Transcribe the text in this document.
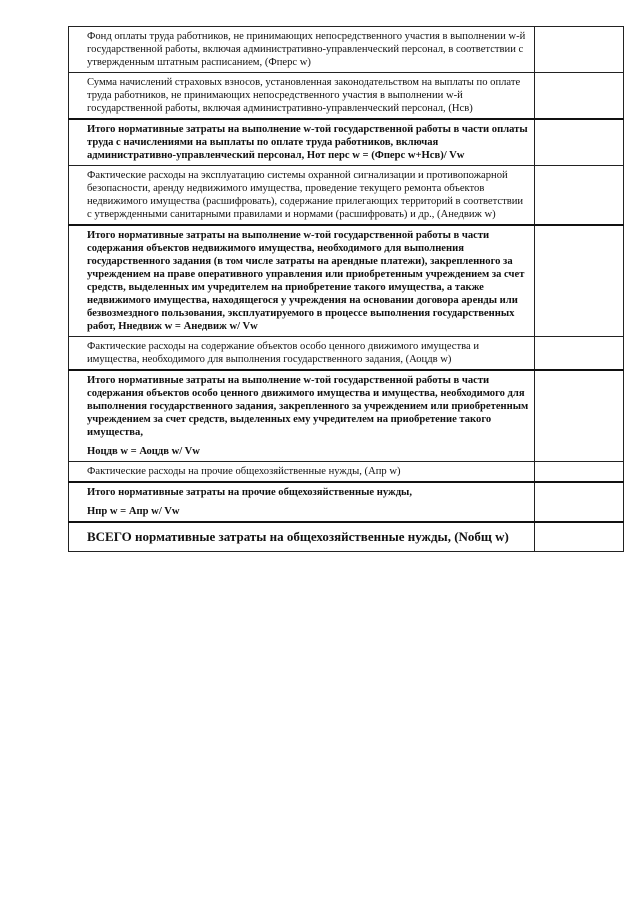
Фонд оплаты труда работников, не принимающих непосредственного участия в выполнении w-й государственной работы, включая административно-управленческий персонал, в соответствии с утвержденным штатным расписанием, (Фперс w)	
Сумма начислений страховых взносов, установленная законодательством на выплаты по оплате труда работников, не принимающих непосредственного участия в выполнении w-й государственной работы, включая административно-управленческий персонал, (Нсв)	
Итого нормативные затраты на выполнение w-той государственной работы в части оплаты труда с начислениями на выплаты по оплате труда работников, включая административно-управленческий персонал, Нот перс w = (Фперс w+Нсв)/ Vw	
Фактические расходы на эксплуатацию системы охранной сигнализации и противопожарной безопасности, аренду недвижимого имущества, проведение текущего ремонта объектов недвижимого имущества (расшифровать), содержание прилегающих территорий в соответствии с утвержденными санитарными правилами и нормами (расшифровать) и др., (Анедвиж w)	
Итого нормативные затраты на выполнение w-той государственной работы в части содержания объектов недвижимого имущества, необходимого для выполнения государственного задания (в том числе затраты на арендные платежи), закрепленного за учреждением на праве оперативного управления или приобретенным учреждением за счет средств, выделенных им учредителем на приобретение такого имущества, а также недвижимого имущества, находящегося у учреждения на основании договора аренды или безвозмездного пользования, эксплуатируемого в процессе выполнения государственных работ, Ннедвиж w = Анедвиж w/ Vw	
Фактические расходы на содержание объектов особо ценного движимого имущества и имущества, необходимого для выполнения государственного задания, (Аоцдв w)	
Итого нормативные затраты на выполнение w-той государственной работы в части содержания объектов особо ценного движимого имущества и имущества, необходимого для выполнения государственного задания, закрепленного за учреждением или приобретенным учреждением за счет средств, выделенных ему учредителем на приобретение такого имущества,
Ноцдв w = Аоцдв w/ Vw	

Фактические расходы на прочие общехозяйственные нужды, (Апр w)	
Итого нормативные затраты на прочие общехозяйственные нужды,
Нпр w = Апр w/ Vw	

ВСЕГО нормативные затраты на общехозяйственные нужды, (Nобщ w)	
